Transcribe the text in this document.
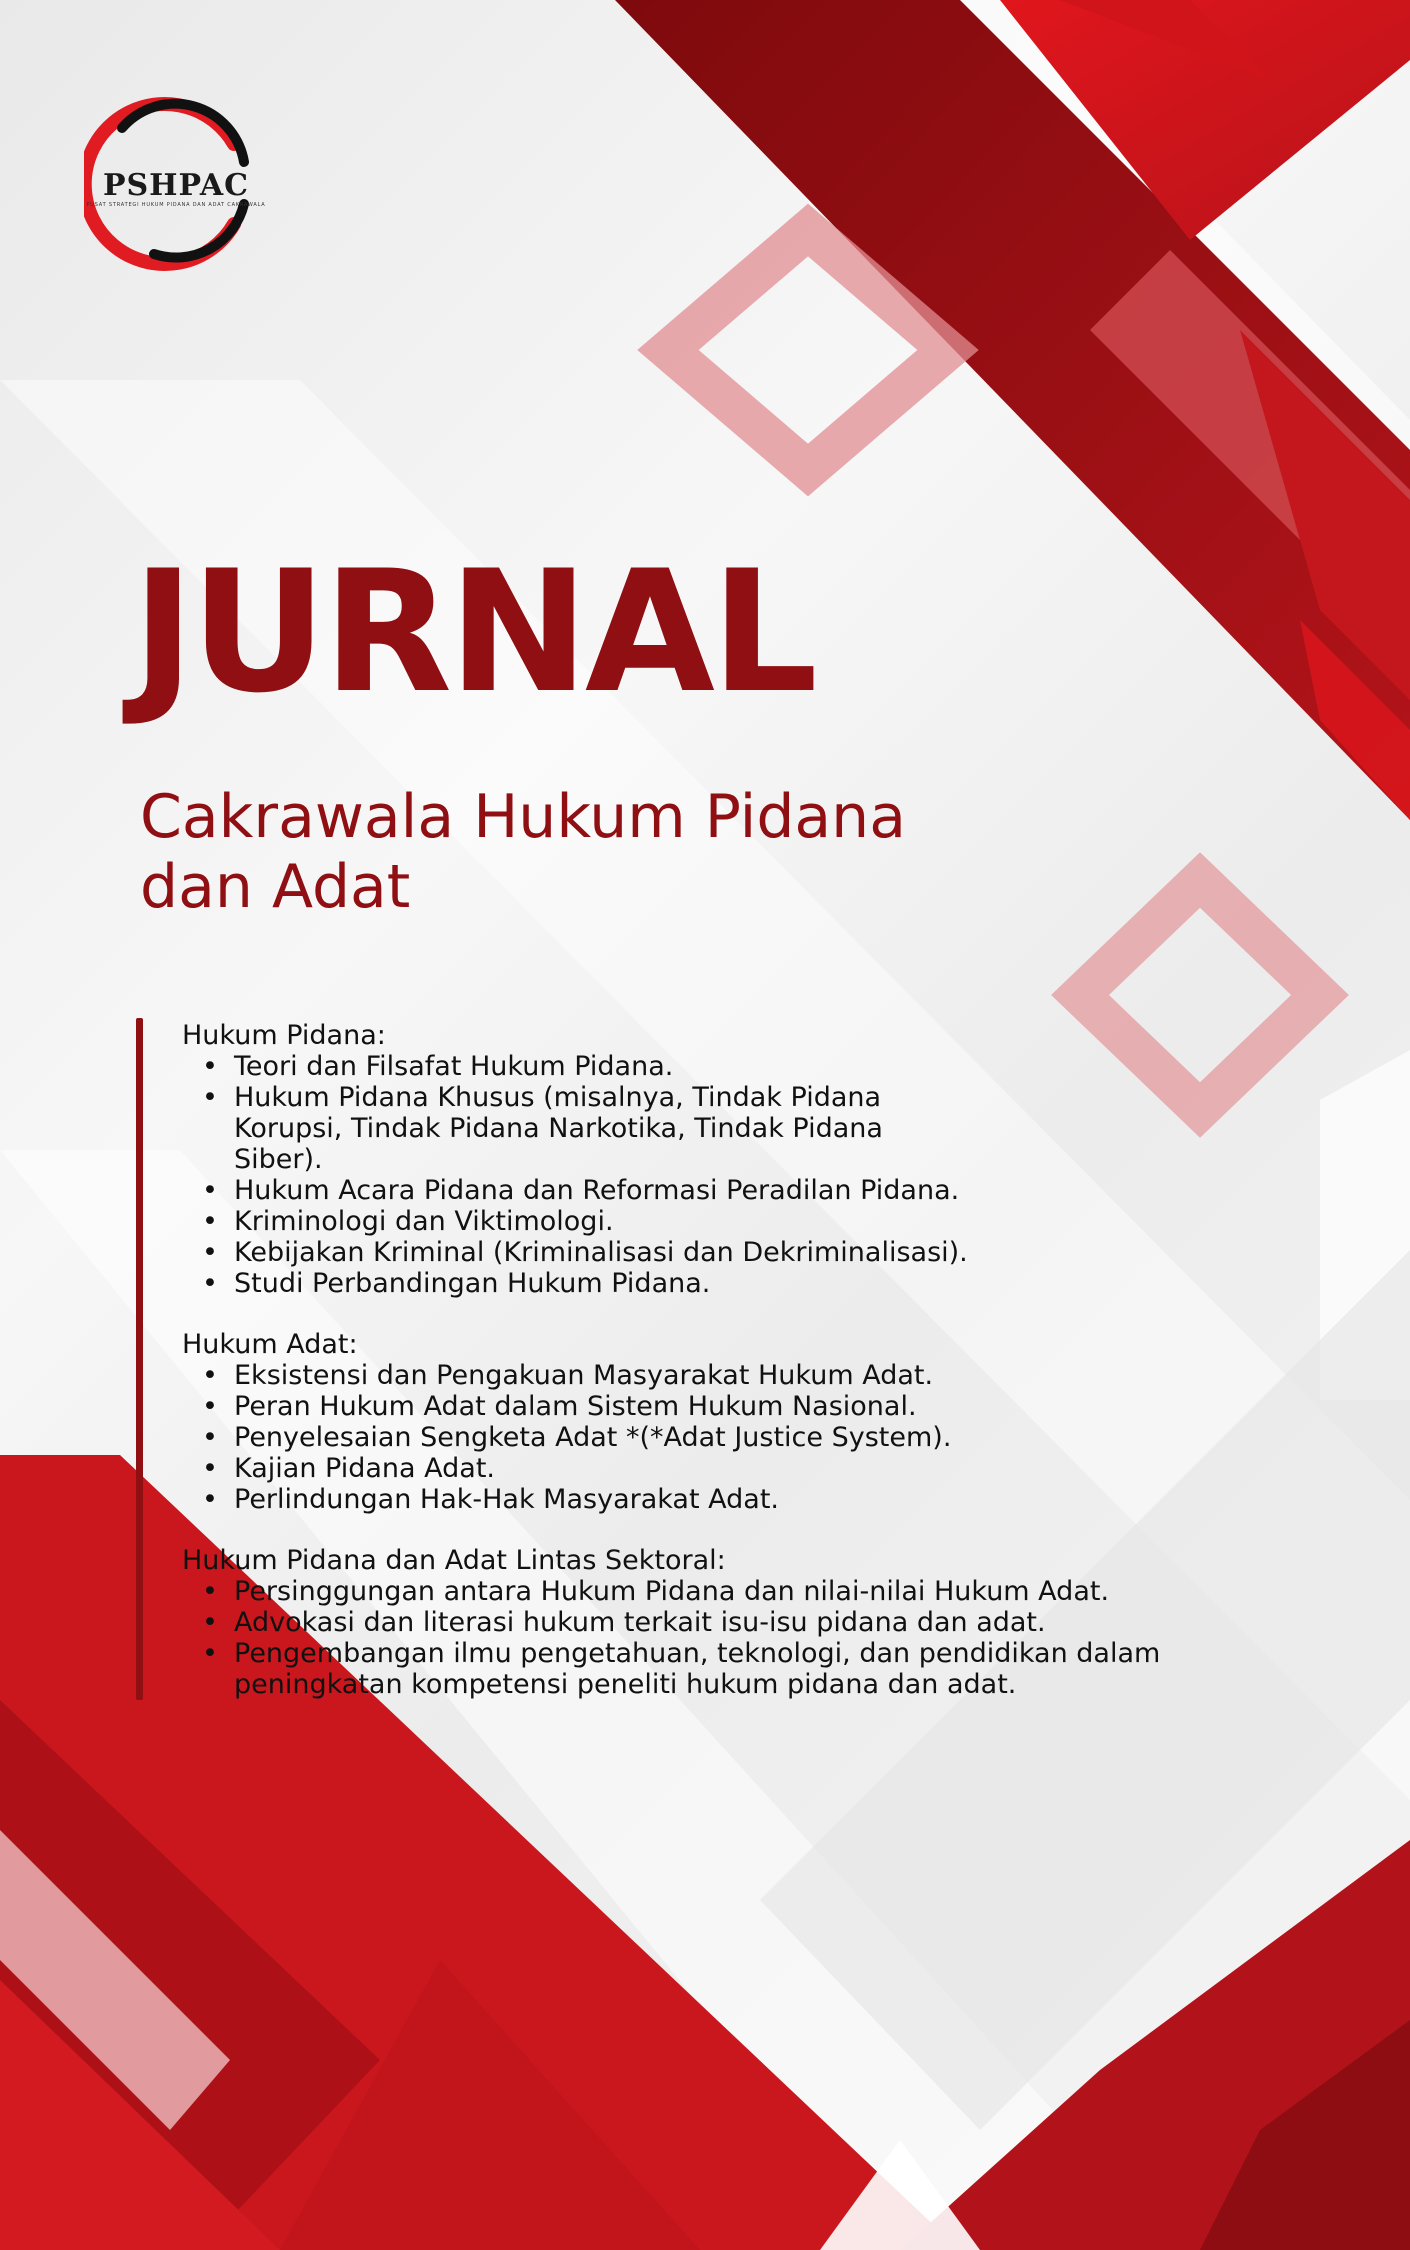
PSHPAC
PUSAT STRATEGI HUKUM PIDANA DAN ADAT CAKRAWALA
JURNAL
Cakrawala Hukum Pidana
dan Adat
Hukum Pidana:
• Teori dan Filsafat Hukum Pidana.
• Hukum Pidana Khusus (misalnya, Tindak Pidana Korupsi, Tindak Pidana Narkotika, Tindak Pidana Siber).
• Hukum Acara Pidana dan Reformasi Peradilan Pidana.
• Kriminologi dan Viktimologi.
• Kebijakan Kriminal (Kriminalisasi dan Dekriminalisasi).
• Studi Perbandingan Hukum Pidana.
Hukum Adat:
• Eksistensi dan Pengakuan Masyarakat Hukum Adat.
• Peran Hukum Adat dalam Sistem Hukum Nasional.
• Penyelesaian Sengketa Adat *(*Adat Justice System).
• Kajian Pidana Adat.
• Perlindungan Hak-Hak Masyarakat Adat.
Hukum Pidana dan Adat Lintas Sektoral:
• Persinggungan antara Hukum Pidana dan nilai-nilai Hukum Adat.
• Advokasi dan literasi hukum terkait isu-isu pidana dan adat.
• Pengembangan ilmu pengetahuan, teknologi, dan pendidikan dalam peningkatan kompetensi peneliti hukum pidana dan adat.
